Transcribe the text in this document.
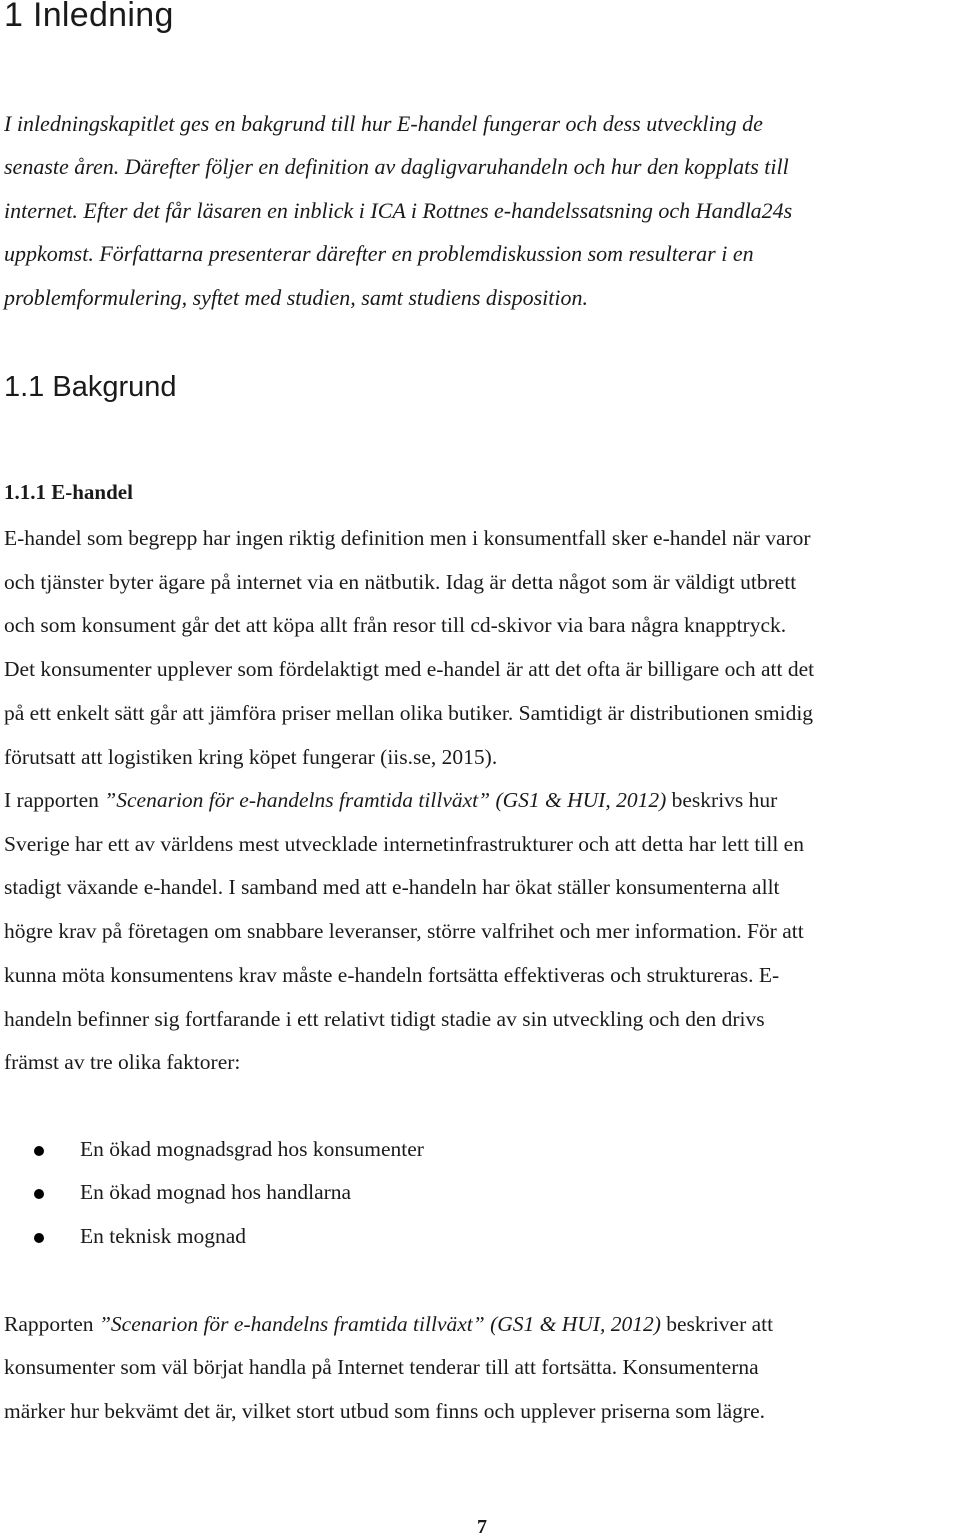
1 Inledning

I inledningskapitlet ges en bakgrund till hur E-handel fungerar och dess utveckling de

senaste åren. Därefter följer en definition av dagligvaruhandeln och hur den kopplats till

internet. Efter det får läsaren en inblick i ICA i Rottnes e-handelssatsning och Handla24s

uppkomst. Författarna presenterar därefter en problemdiskussion som resulterar i en

problemformulering, syftet med studien, samt studiens disposition.

1.1 Bakgrund
1.1.1 E-handel

E-handel som begrepp har ingen riktig definition men i konsumentfall sker e-handel när varor

och tjänster byter ägare på internet via en nätbutik. Idag är detta något som är väldigt utbrett

och som konsument går det att köpa allt från resor till cd-skivor via bara några knapptryck.

Det konsumenter upplever som fördelaktigt med e-handel är att det ofta är billigare och att det

på ett enkelt sätt går att jämföra priser mellan olika butiker. Samtidigt är distributionen smidig

förutsatt att logistiken kring köpet fungerar (iis.se, 2015).

I rapporten ”Scenarion för e-handelns framtida tillväxt” (GS1 & HUI, 2012) beskrivs hur

Sverige har ett av världens mest utvecklade internetinfrastrukturer och att detta har lett till en

stadigt växande e-handel. I samband med att e-handeln har ökat ställer konsumenterna allt

högre krav på företagen om snabbare leveranser, större valfrihet och mer information. För att

kunna möta konsumentens krav måste e-handeln fortsätta effektiveras och struktureras. E-

handeln befinner sig fortfarande i ett relativt tidigt stadie av sin utveckling och den drivs

främst av tre olika faktorer:

En ökad mognadsgrad hos konsumenter
En ökad mognad hos handlarna
En teknisk mognad

Rapporten ”Scenarion för e-handelns framtida tillväxt” (GS1 & HUI, 2012) beskriver att

konsumenter som väl börjat handla på Internet tenderar till att fortsätta. Konsumenterna

märker hur bekvämt det är, vilket stort utbud som finns och upplever priserna som lägre.

7
